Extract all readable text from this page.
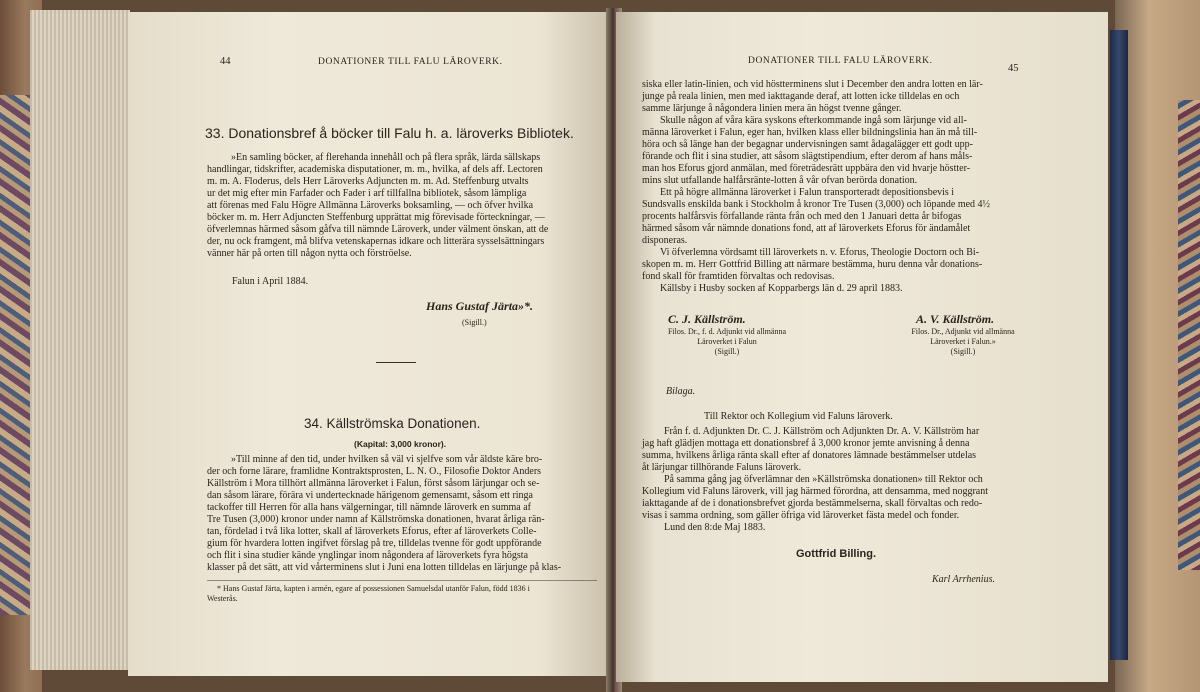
44	DONATIONER TILL FALU LÄROVERK.
33. Donationsbref å böcker till Falu h. a. läroverks Bibliotek.

»En samling böcker, af flerehanda innehåll och på flera språk, lärda sällskaps

handlingar, tidskrifter, academiska disputationer, m. m., hvilka, af dels aff. Lectoren

m. m. A. Floderus, dels Herr Läroverks Adjuncten m. m. Ad. Steffenburg utvalts

ur det mig efter min Farfader och Fader i arf tillfallna bibliotek, såsom lämpliga

att förenas med Falu Högre Allmänna Läroverks boksamling, — och öfver hvilka

böcker m. m. Herr Adjuncten Steffenburg upprättat mig förevisade förteckningar, —

öfverlemnas härmed såsom gåfva till nämnde Läroverk, under välment önskan, att de

der, nu ock framgent, må blifva vetenskapernas idkare och litterära sysselsättningars

vänner här på orten till någon nytta och förströelse.

Falun i April 1884.
Hans Gustaf Järta»*.
(Sigill.)
34. Källströmska Donationen.
(Kapital: 3,000 kronor).

»Till minne af den tid, under hvilken så väl vi sjelfve som vår äldste käre bro-

der och forne lärare, framlidne Kontraktsprosten, L. N. O., Filosofie Doktor Anders

Källström i Mora tillhört allmänna läroverket i Falun, först såsom lärjungar och se-

dan såsom lärare, förära vi undertecknade härigenom gemensamt, såsom ett ringa

tackoffer till Herren för alla hans välgerningar, till nämnde läroverk en summa af

Tre Tusen (3,000) kronor under namn af Källströmska donationen, hvarat årliga rän-

tan, fördelad i två lika lotter, skall af läroverkets Eforus, efter af läroverkets Colle-

gium för hvardera lotten ingifvet förslag på tre, tilldelas tvenne för godt uppförande

och flit i sina studier kände ynglingar inom någondera af läroverkets fyra högsta

klasser på det sätt, att vid vårterminens slut i Juni ena lotten tilldelas en lärjunge på klas-

* Hans Gustaf Järta, kapten i armén, egare af possessionen Samuelsdal utanför Falun, född 1836 i
Westerås.
DONATIONER TILL FALU LÄROVERK.
45

siska eller latin-linien, och vid höstterminens slut i December den andra lotten en lär-

junge på reala linien, men med iakttagande deraf, att lotten icke tilldelas en och

samme lärjunge å någondera linien mera än högst tvenne gånger.

Skulle någon af våra kära syskons efterkommande ingå som lärjunge vid all-

männa läroverket i Falun, eger han, hvilken klass eller bildningslinia han än må till-

höra och så länge han der begagnar undervisningen samt ådagalägger ett godt upp-

förande och flit i sina studier, att såsom slägtstipendium, efter derom af hans måls-

man hos Eforus gjord anmälan, med företrädesrätt uppbära den vid hvarje höstter-

mins slut utfallande halfårsränte-lotten å vår ofvan berörda donation.

Ett på högre allmänna läroverket i Falun transporteradt depositionsbevis i

Sundsvalls enskilda bank i Stockholm å kronor Tre Tusen (3,000) och löpande med 4½

procents halfårsvis förfallande ränta från och med den 1 Januari detta år bifogas

härmed såsom vår nämnde donations fond, att af läroverkets Eforus för ändamålet

disponeras.

Vi öfverlemna vördsamt till läroverkets n. v. Eforus, Theologie Doctorn och Bi-

skopen m. m. Herr Gottfrid Billing att närmare bestämma, huru denna vår donations-

fond skall för framtiden förvaltas och redovisas.

Källsby i Husby socken af Kopparbergs län d. 29 april 1883.

C. J. Källström.
Filos. Dr., f. d. Adjunkt vid allmänna
Läroverket i Falun
(Sigill.)
A. V. Källström.
Filos. Dr., Adjunkt vid allmänna
Läroverket i Falun.»
(Sigill.)
Bilaga.
Till Rektor och Kollegium vid Faluns läroverk.

Från f. d. Adjunkten Dr. C. J. Källström och Adjunkten Dr. A. V. Källström har

jag haft glädjen mottaga ett donationsbref å 3,000 kronor jemte anvisning å denna

summa, hvilkens årliga ränta skall efter af donatores lämnade bestämmelser utdelas

åt lärjungar tillhörande Faluns läroverk.

På samma gång jag öfverlämnar den »Källströmska donationen» till Rektor och

Kollegium vid Faluns läroverk, vill jag härmed förordna, att densamma, med noggrant

iakttagande af de i donationsbrefvet gjorda bestämmelserna, skall förvaltas och redo-

visas i samma ordning, som gäller öfriga vid läroverket fästa medel och fonder.

Lund den 8:de Maj 1883.

Gottfrid Billing.
Karl Arrhenius.
